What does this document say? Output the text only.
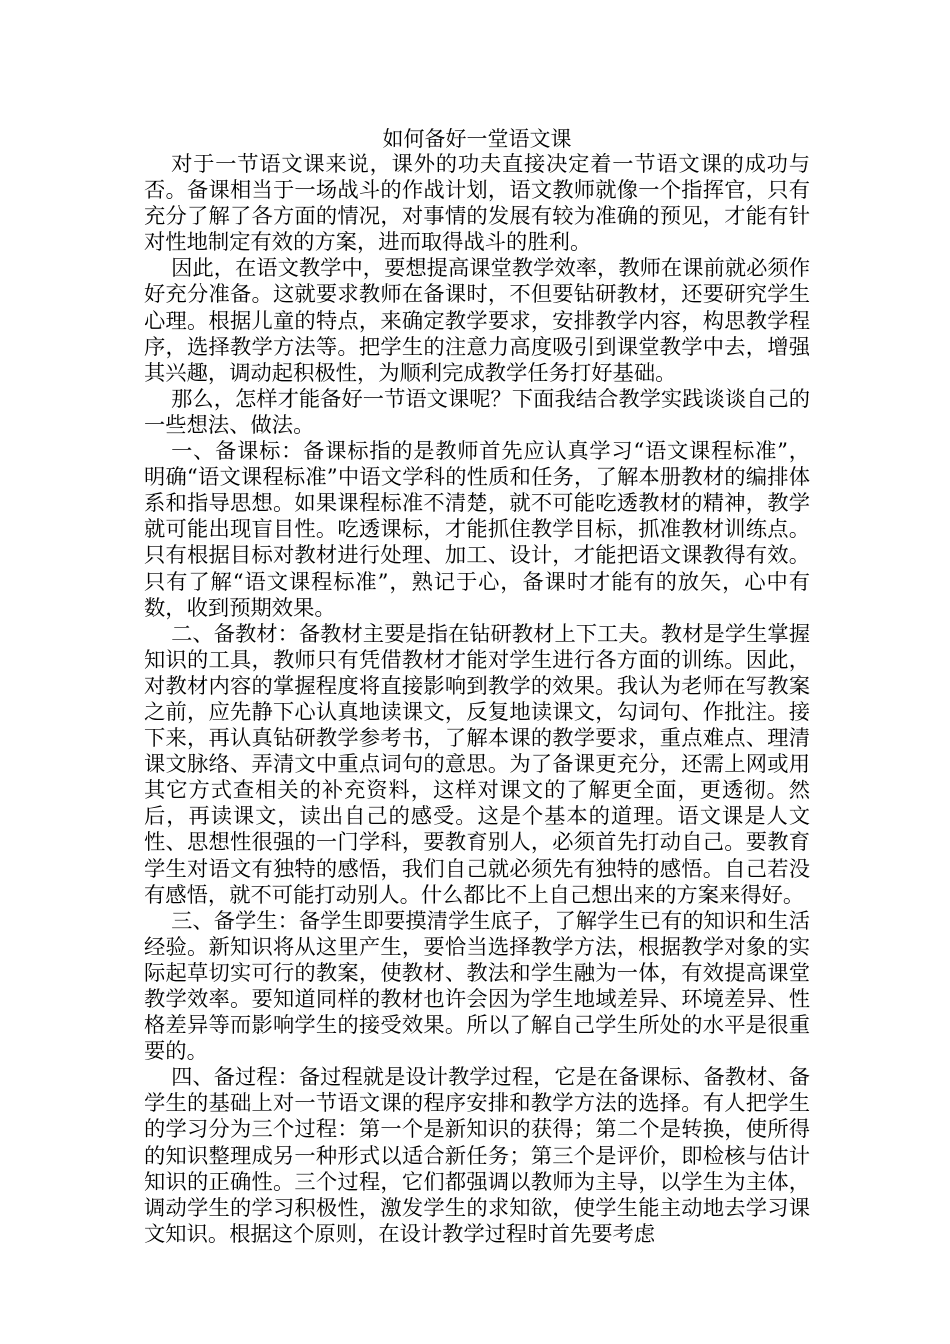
如何备好一堂语文课

对于一节语文课来说，课外的功夫直接决定着一节语文课的成功与否。备课相当于一场战斗的作战计划，语文教师就像一个指挥官，只有充分了解了各方面的情况，对事情的发展有较为准确的预见，才能有针对性地制定有效的方案，进而取得战斗的胜利。

因此，在语文教学中，要想提高课堂教学效率，教师在课前就必须作好充分准备。这就要求教师在备课时，不但要钻研教材，还要研究学生心理。根据儿童的特点，来确定教学要求，安排教学内容，构思教学程序，选择教学方法等。把学生的注意力高度吸引到课堂教学中去，增强其兴趣，调动起积极性，为顺利完成教学任务打好基础。

那么，怎样才能备好一节语文课呢？下面我结合教学实践谈谈自己的一些想法、做法。

一、备课标：备课标指的是教师首先应认真学习“语文课程标准”，明确“语文课程标准”中语文学科的性质和任务，了解本册教材的编排体系和指导思想。如果课程标准不清楚，就不可能吃透教材的精神，教学就可能出现盲目性。吃透课标，才能抓住教学目标，抓准教材训练点。只有根据目标对教材进行处理、加工、设计，才能把语文课教得有效。只有了解“语文课程标准”，熟记于心，备课时才能有的放矢，心中有数，收到预期效果。

二、备教材：备教材主要是指在钻研教材上下工夫。教材是学生掌握知识的工具，教师只有凭借教材才能对学生进行各方面的训练。因此，对教材内容的掌握程度将直接影响到教学的效果。我认为老师在写教案之前，应先静下心认真地读课文，反复地读课文，勾词句、作批注。接下来，再认真钻研教学参考书，了解本课的教学要求，重点难点、理清课文脉络、弄清文中重点词句的意思。为了备课更充分，还需上网或用其它方式查相关的补充资料，这样对课文的了解更全面，更透彻。然后，再读课文，读出自己的感受。这是个基本的道理。语文课是人文性、思想性很强的一门学科，要教育别人，必须首先打动自己。要教育学生对语文有独特的感悟，我们自己就必须先有独特的感悟。自己若没有感悟，就不可能打动别人。什么都比不上自己想出来的方案来得好。

三、备学生：备学生即要摸清学生底子，了解学生已有的知识和生活经验。新知识将从这里产生，要恰当选择教学方法，根据教学对象的实际起草切实可行的教案，使教材、教法和学生融为一体，有效提高课堂教学效率。要知道同样的教材也许会因为学生地域差异、环境差异、性格差异等而影响学生的接受效果。所以了解自己学生所处的水平是很重要的。

四、备过程：备过程就是设计教学过程，它是在备课标、备教材、备学生的基础上对一节语文课的程序安排和教学方法的选择。有人把学生的学习分为三个过程：第一个是新知识的获得；第二个是转换，使所得的知识整理成另一种形式以适合新任务；第三个是评价，即检核与估计知识的正确性。三个过程，它们都强调以教师为主导，以学生为主体，调动学生的学习积极性，激发学生的求知欲，使学生能主动地去学习课文知识。根据这个原则，在设计教学过程时首先要考虑
